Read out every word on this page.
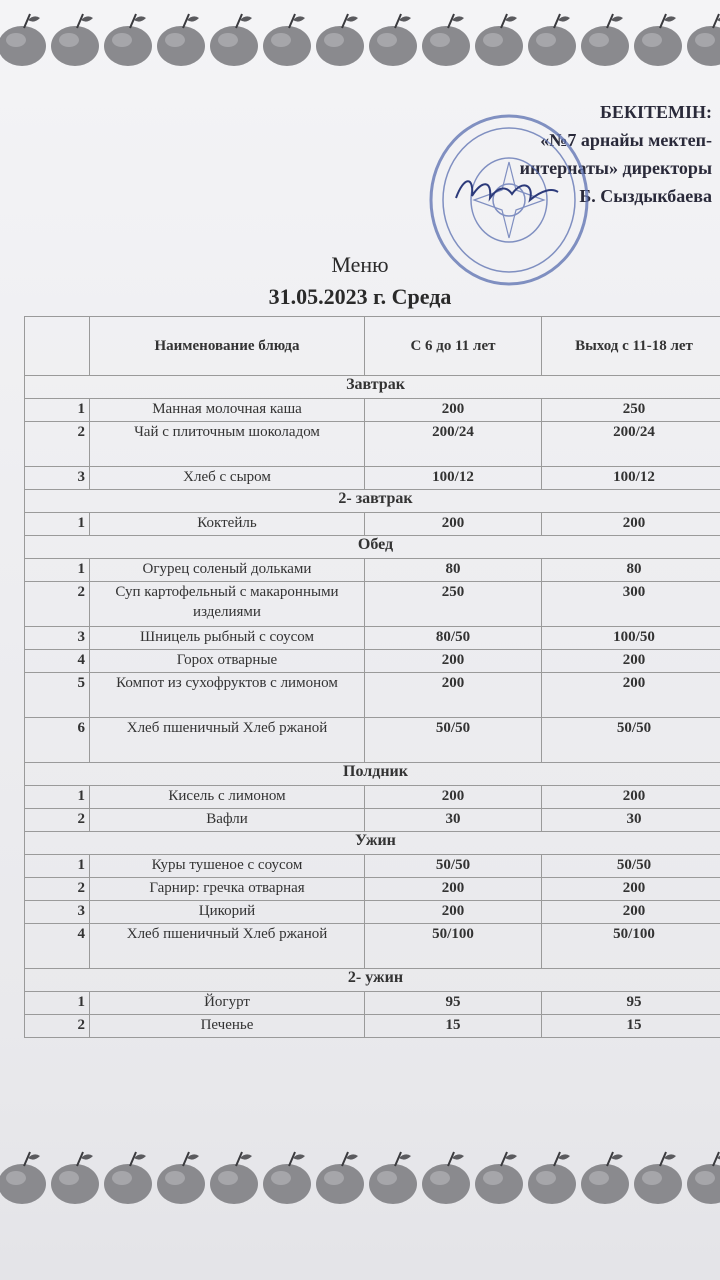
БЕКІТЕМІН:
«№7 арнайы мектеп-
интернаты» директоры
Б. Сыздыкбаева
Меню
31.05.2023 г. Среда
	Наименование блюда	С 6 до 11 лет	Выход с 11-18 лет
Завтрак			
1	Манная молочная каша	200	250
2	Чай с плиточным шоколадом	200/24	200/24
3	Хлеб с сыром	100/12	100/12
2- завтрак			
1	Коктейль	200	200
Обед			
1	Огурец соленый дольками	80	80
2	Суп картофельный с макаронными изделиями	250	300
3	Шницель рыбный с соусом	80/50	100/50
4	Горох отварные	200	200
5	Компот из сухофруктов с лимоном	200	200
6	Хлеб пшеничный Хлеб ржаной	50/50	50/50
Полдник			
1	Кисель с лимоном	200	200
2	Вафли	30	30
Ужин			
1	Куры тушеное с соусом	50/50	50/50
2	Гарнир: гречка отварная	200	200
3	Цикорий	200	200
4	Хлеб пшеничный Хлеб ржаной	50/100	50/100
2- ужин			
1	Йогурт	95	95
2	Печенье	15	15
